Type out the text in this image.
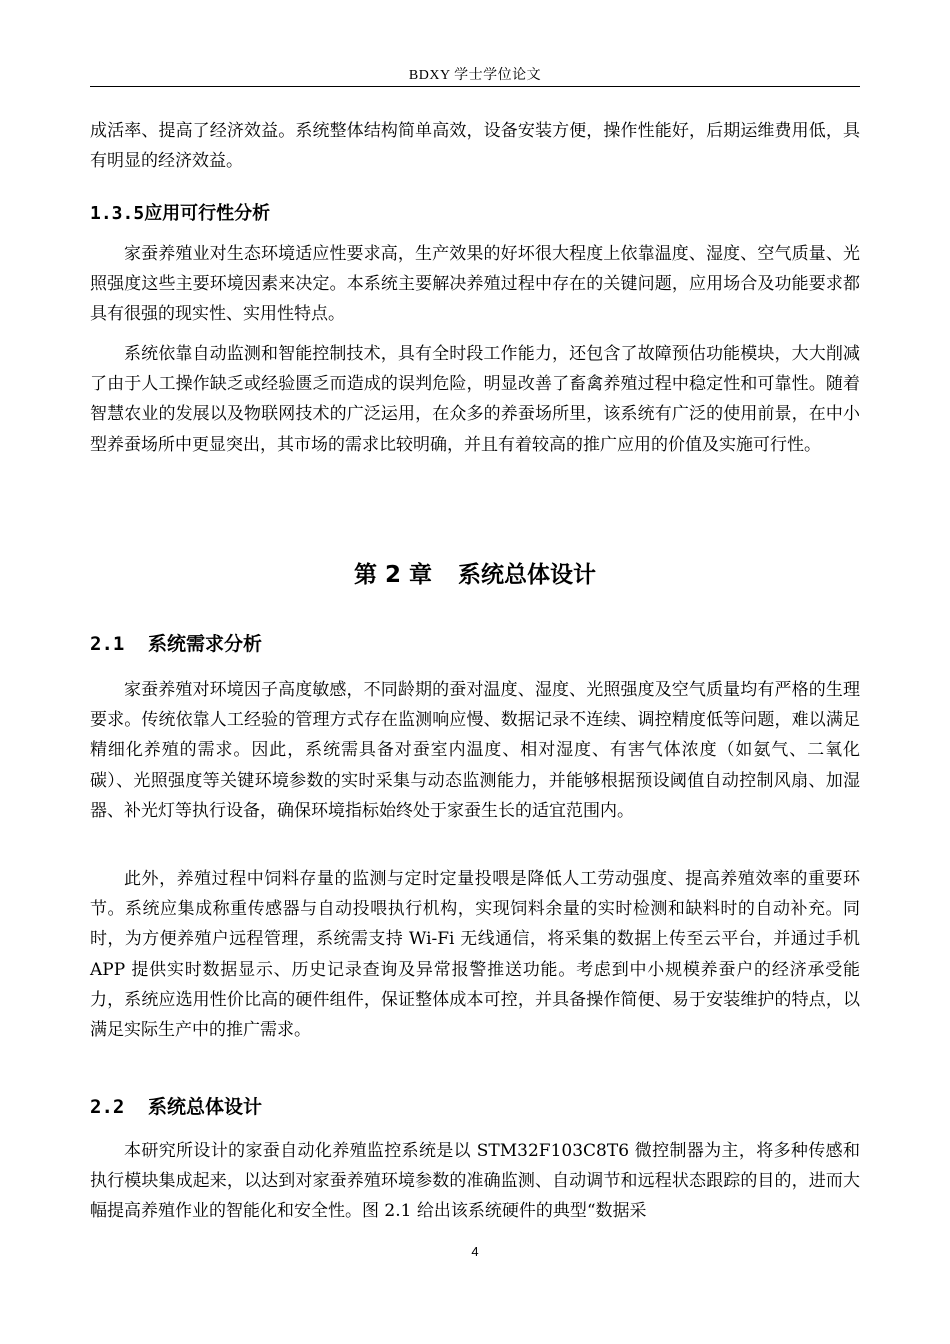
BDXY 学士学位论文

成活率、提高了经济效益。系统整体结构简单高效，设备安装方便，操作性能好，后期运维费用低，具有明显的经济效益。

1.3.5应用可行性分析

家蚕养殖业对生态环境适应性要求高，生产效果的好坏很大程度上依靠温度、湿度、空气质量、光照强度这些主要环境因素来决定。本系统主要解决养殖过程中存在的关键问题，应用场合及功能要求都具有很强的现实性、实用性特点。

系统依靠自动监测和智能控制技术，具有全时段工作能力，还包含了故障预估功能模块，大大削减了由于人工操作缺乏或经验匮乏而造成的误判危险，明显改善了畜禽养殖过程中稳定性和可靠性。随着智慧农业的发展以及物联网技术的广泛运用，在众多的养蚕场所里，该系统有广泛的使用前景，在中小型养蚕场所中更显突出，其市场的需求比较明确，并且有着较高的推广应用的价值及实施可行性。

第 2 章 系统总体设计
2.1 系统需求分析

家蚕养殖对环境因子高度敏感，不同龄期的蚕对温度、湿度、光照强度及空气质量均有严格的生理要求。传统依靠人工经验的管理方式存在监测响应慢、数据记录不连续、调控精度低等问题，难以满足精细化养殖的需求。因此，系统需具备对蚕室内温度、相对湿度、有害气体浓度（如氨气、二氧化碳）、光照强度等关键环境参数的实时采集与动态监测能力，并能够根据预设阈值自动控制风扇、加湿器、补光灯等执行设备，确保环境指标始终处于家蚕生长的适宜范围内。

此外，养殖过程中饲料存量的监测与定时定量投喂是降低人工劳动强度、提高养殖效率的重要环节。系统应集成称重传感器与自动投喂执行机构，实现饲料余量的实时检测和缺料时的自动补充。同时，为方便养殖户远程管理，系统需支持 Wi-Fi 无线通信，将采集的数据上传至云平台，并通过手机 APP 提供实时数据显示、历史记录查询及异常报警推送功能。考虑到中小规模养蚕户的经济承受能力，系统应选用性价比高的硬件组件，保证整体成本可控，并具备操作简便、易于安装维护的特点，以满足实际生产中的推广需求。

2.2 系统总体设计

本研究所设计的家蚕自动化养殖监控系统是以 STM32F103C8T6 微控制器为主，将多种传感和执行模块集成起来，以达到对家蚕养殖环境参数的准确监测、自动调节和远程状态跟踪的目的，进而大幅提高养殖作业的智能化和安全性。图 2.1 给出该系统硬件的典型“数据采

4
